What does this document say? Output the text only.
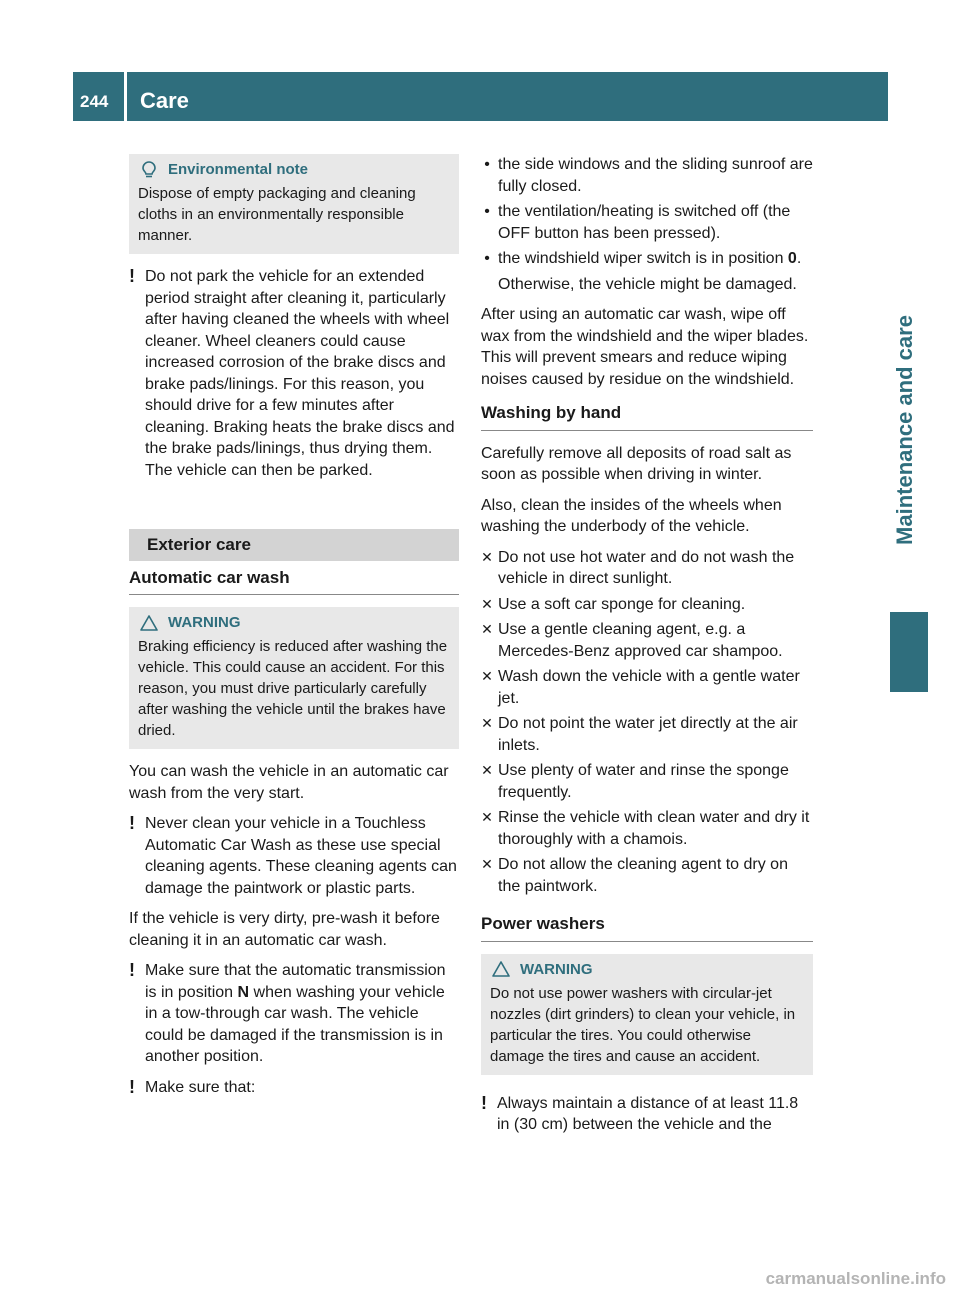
244 Care
Maintenance and care
Environmental note
Dispose of empty packaging and cleaning cloths in an environmentally responsible manner.
! Do not park the vehicle for an extended period straight after cleaning it, particularly after having cleaned the wheels with wheel cleaner. Wheel cleaners could cause increased corrosion of the brake discs and brake pads/linings. For this reason, you should drive for a few minutes after cleaning. Braking heats the brake discs and the brake pads/linings, thus drying them. The vehicle can then be parked.
Exterior care
Automatic car wash
WARNING
Braking efficiency is reduced after washing the vehicle. This could cause an accident. For this reason, you must drive particularly carefully after washing the vehicle until the brakes have dried.

You can wash the vehicle in an automatic car wash from the very start.

! Never clean your vehicle in a Touchless Automatic Car Wash as these use special cleaning agents. These cleaning agents can damage the paintwork or plastic parts.

If the vehicle is very dirty, pre-wash it before cleaning it in an automatic car wash.

! Make sure that the automatic transmission is in position N when washing your vehicle in a tow-through car wash. The vehicle could be damaged if the transmission is in another position.
! Make sure that:
• the side windows and the sliding sunroof are fully closed.
• the ventilation/heating is switched off (the OFF button has been pressed).
• the windshield wiper switch is in position 0.

Otherwise, the vehicle might be damaged.

After using an automatic car wash, wipe off wax from the windshield and the wiper blades. This will prevent smears and reduce wiping noises caused by residue on the windshield.

Washing by hand

Carefully remove all deposits of road salt as soon as possible when driving in winter.

Also, clean the insides of the wheels when washing the underbody of the vehicle.

✕ Do not use hot water and do not wash the vehicle in direct sunlight.
✕ Use a soft car sponge for cleaning.
✕ Use a gentle cleaning agent, e.g. a Mercedes-Benz approved car shampoo.
✕ Wash down the vehicle with a gentle water jet.
✕ Do not point the water jet directly at the air inlets.
✕ Use plenty of water and rinse the sponge frequently.
✕ Rinse the vehicle with clean water and dry it thoroughly with a chamois.
✕ Do not allow the cleaning agent to dry on the paintwork.
Power washers
WARNING
Do not use power washers with circular-jet nozzles (dirt grinders) to clean your vehicle, in particular the tires. You could otherwise damage the tires and cause an accident.
! Always maintain a distance of at least 11.8 in (30 cm) between the vehicle and the
carmanualsonline.info
